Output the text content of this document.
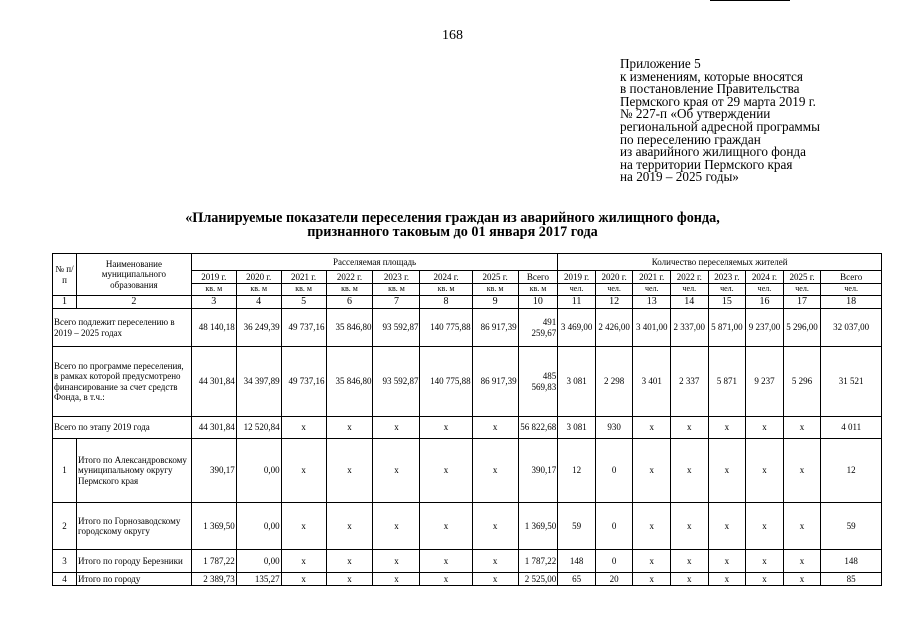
168
Приложение 5
к изменениям, которые вносятся
в постановление Правительства
Пермского края от 29 марта 2019 г.
№ 227-п «Об утверждении
региональной адресной программы
по переселению граждан
из аварийного жилищного фонда
на территории Пермского края
на 2019 – 2025 годы»
«Планируемые показатели переселения граждан из аварийного жилищного фонда,
признанного таковым до 01 января 2017 года
№ п/п	Наименование муниципального образования	Расселяемая площадь								Количество переселяемых жителей							
		2019 г.	2020 г.	2021 г.	2022 г.	2023 г.	2024 г.	2025 г.	Всего	2019 г.	2020 г.	2021 г.	2022 г.	2023 г.	2024 г.	2025 г.	Всего
		кв. м	кв. м	кв. м	кв. м	кв. м	кв. м	кв. м	кв. м	чел.	чел.	чел.	чел.	чел.	чел.	чел.	чел.
1	2	3	4	5	6	7	8	9	10	11	12	13	14	15	16	17	18
Всего подлежит переселению в 2019 – 2025 годах		48 140,18	36 249,39	49 737,16	35 846,80	93 592,87	140 775,88	86 917,39	491 259,67	3 469,00	2 426,00	3 401,00	2 337,00	5 871,00	9 237,00	5 296,00	32 037,00
Всего по программе переселения, в рамках которой предусмотрено финансирование за счет средств Фонда, в т.ч.:		44 301,84	34 397,89	49 737,16	35 846,80	93 592,87	140 775,88	86 917,39	485 569,83	3 081	2 298	3 401	2 337	5 871	9 237	5 296	31 521
Всего по этапу 2019 года		44 301,84	12 520,84	x	x	x	x	x	56 822,68	3 081	930	x	x	x	x	x	4 011
1	Итого по Александровскому муниципальному округу Пермского края	390,17	0,00	x	x	x	x	x	390,17	12	0	x	x	x	x	x	12
2	Итого по Горнозаводскому городскому округу	1 369,50	0,00	x	x	x	x	x	1 369,50	59	0	x	x	x	x	x	59
3	Итого по городу Березники	1 787,22	0,00	x	x	x	x	x	1 787,22	148	0	x	x	x	x	x	148
4	Итого по городу	2 389,73	135,27	x	x	x	x	x	2 525,00	65	20	x	x	x	x	x	85
